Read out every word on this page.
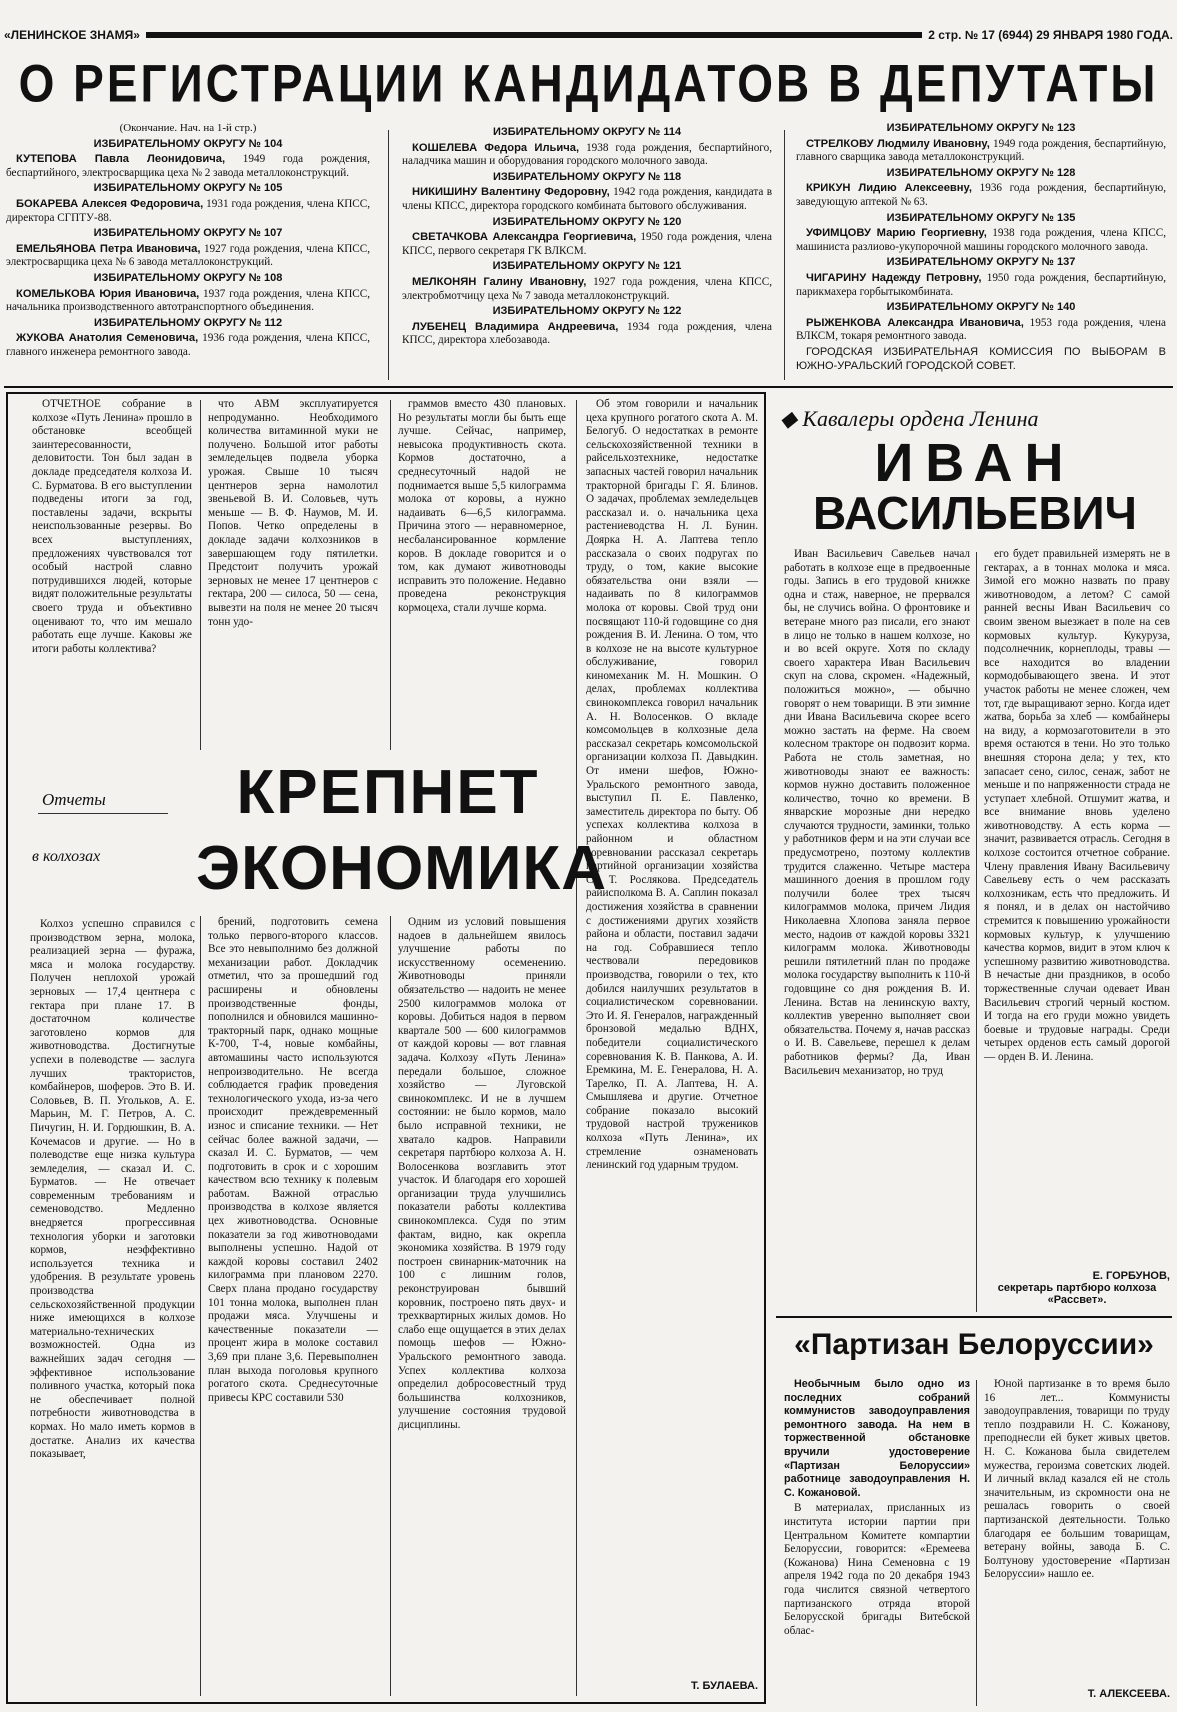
«ЛЕНИНСКОЕ ЗНАМЯ»	2 стр. № 17 (6944) 29 ЯНВАРЯ 1980 ГОДА.
О РЕГИСТРАЦИИ КАНДИДАТОВ В ДЕПУТАТЫ

(Окончание. Нач. на 1-й стр.)

ИЗБИРАТЕЛЬНОМУ ОКРУГУ № 104

КУТЕПОВА Павла Леонидовича, 1949 года рождения, беспартийного, электросварщика цеха № 2 завода металлоконструкций.

ИЗБИРАТЕЛЬНОМУ ОКРУГУ № 105

БОКАРЕВА Алексея Федоровича, 1931 года рождения, члена КПСС, директора СГПТУ-88.

ИЗБИРАТЕЛЬНОМУ ОКРУГУ № 107

ЕМЕЛЬЯНОВА Петра Ивановича, 1927 года рождения, члена КПСС, электросварщика цеха № 6 завода металлоконструкций.

ИЗБИРАТЕЛЬНОМУ ОКРУГУ № 108

КОМЕЛЬКОВА Юрия Ивановича, 1937 года рождения, члена КПСС, начальника производственного автотранспортного объединения.

ИЗБИРАТЕЛЬНОМУ ОКРУГУ № 112

ЖУКОВА Анатолия Семеновича, 1936 года рождения, члена КПСС, главного инженера ремонтного завода.

ИЗБИРАТЕЛЬНОМУ ОКРУГУ № 114

КОШЕЛЕВА Федора Ильича, 1938 года рождения, беспартийного, наладчика машин и оборудования городского молочного завода.

ИЗБИРАТЕЛЬНОМУ ОКРУГУ № 118

НИКИШИНУ Валентину Федоровну, 1942 года рождения, кандидата в члены КПСС, директора городского комбината бытового обслуживания.

ИЗБИРАТЕЛЬНОМУ ОКРУГУ № 120

СВЕТАЧКОВА Александра Георгиевича, 1950 года рождения, члена КПСС, первого секретаря ГК ВЛКСМ.

ИЗБИРАТЕЛЬНОМУ ОКРУГУ № 121

МЕЛКОНЯН Галину Ивановну, 1927 года рождения, члена КПСС, электробмотчицу цеха № 7 завода металлоконструкций.

ИЗБИРАТЕЛЬНОМУ ОКРУГУ № 122

ЛУБЕНЕЦ Владимира Андреевича, 1934 года рождения, члена КПСС, директора хлебозавода.

ИЗБИРАТЕЛЬНОМУ ОКРУГУ № 123

СТРЕЛКОВУ Людмилу Ивановну, 1949 года рождения, беспартийную, главного сварщика завода металлоконструкций.

ИЗБИРАТЕЛЬНОМУ ОКРУГУ № 128

КРИКУН Лидию Алексеевну, 1936 года рождения, беспартийную, заведующую аптекой № 63.

ИЗБИРАТЕЛЬНОМУ ОКРУГУ № 135

УФИМЦОВУ Марию Георгиевну, 1938 года рождения, члена КПСС, машиниста разлиово-укупорочной машины городского молочного завода.

ИЗБИРАТЕЛЬНОМУ ОКРУГУ № 137

ЧИГАРИНУ Надежду Петровну, 1950 года рождения, беспартийную, парикмахера горбытыкомбината.

ИЗБИРАТЕЛЬНОМУ ОКРУГУ № 140

РЫЖЕНКОВА Александра Ивановича, 1953 года рождения, члена ВЛКСМ, токаря ремонтного завода.

ГОРОДСКАЯ ИЗБИРАТЕЛЬНАЯ КОМИССИЯ ПО ВЫБОРАМ В ЮЖНО-УРАЛЬСКИЙ ГОРОДСКОЙ СОВЕТ.

ОТЧЕТНОЕ собрание в колхозе «Путь Ленина» прошло в обстановке всеобщей заинтересованности, деловитости. Тон был задан в докладе председателя колхоза И. С. Бурматова. В его выступлении подведены итоги за год, поставлены задачи, вскрыты неиспользованные резервы. Во всех выступлениях, предложениях чувствовался тот особый настрой славно потрудившихся людей, которые видят положительные результаты своего труда и объективно оценивают то, что им мешало работать еще лучше. Каковы же итоги работы коллектива?

что АВМ эксплуатируется непродуманно. Необходимого количества витаминной муки не получено. Большой итог работы земледельцев подвела уборка урожая. Свыше 10 тысяч центнеров зерна намолотил звеньевой В. И. Соловьев, чуть меньше — В. Ф. Наумов, М. И. Попов. Четко определены в докладе задачи колхозников в завершающем году пятилетки. Предстоит получить урожай зерновых не менее 17 центнеров с гектара, 200 — силоса, 50 — сена, вывезти на поля не менее 20 тысяч тонн удо-

граммов вместо 430 плановых. Но результаты могли бы быть еще лучше. Сейчас, например, невысока продуктивность скота. Кормов достаточно, а среднесуточный надой не поднимается выше 5,5 килограмма молока от коровы, а нужно надаивать 6—6,5 килограмма. Причина этого — неравномерное, несбалансированное кормление коров. В докладе говорится и о том, как думают животноводы исправить это положение. Недавно проведена реконструкция кормоцеха, стали лучше корма.

Отчеты
в колхозах
КРЕПНЕТ
ЭКОНОМИКА

Колхоз успешно справился с производством зерна, молока, реализацией зерна — фуража, мяса и молока государству. Получен неплохой урожай зерновых — 17,4 центнера с гектара при плане 17. В достаточном количестве заготовлено кормов для животноводства. Достигнутые успехи в полеводстве — заслуга лучших трактористов, комбайнеров, шоферов. Это В. И. Соловьев, В. П. Угольков, А. Е. Марьин, М. Г. Петров, А. С. Пичугин, Н. И. Гордюшкин, В. А. Кочемасов и другие. — Но в полеводстве еще низка культура земледелия, — сказал И. С. Бурматов. — Не отвечает современным требованиям и семеноводство. Медленно внедряется прогрессивная технология уборки и заготовки кормов, неэффективно используется техника и удобрения. В результате уровень производства сельскохозяйственной продукции ниже имеющихся в колхозе материально-технических возможностей. Одна из важнейших задач сегодня — эффективное использование поливного участка, который пока не обеспечивает полной потребности животноводства в кормах. Но мало иметь кормов в достатке. Анализ их качества показывает,

брений, подготовить семена только первого-второго классов. Все это невыполнимо без должной механизации работ. Докладчик отметил, что за прошедший год расширены и обновлены производственные фонды, пополнился и обновился машинно-тракторный парк, однако мощные К-700, Т-4, новые комбайны, автомашины часто используются непроизводительно. Не всегда соблюдается график проведения технологического ухода, из-за чего происходит преждевременный износ и списание техники. — Нет сейчас более важной задачи, — сказал И. С. Бурматов, — чем подготовить в срок и с хорошим качеством всю технику к полевым работам. Важной отраслью производства в колхозе является цех животноводства. Основные показатели за год животноводами выполнены успешно. Надой от каждой коровы составил 2402 килограмма при плановом 2270. Сверх плана продано государству 101 тонна молока, выполнен план продажи мяса. Улучшены и качественные показатели — процент жира в молоке составил 3,69 при плане 3,6. Перевыполнен план выхода поголовья крупного рогатого скота. Среднесуточные привесы КРС составили 530

Одним из условий повышения надоев в дальнейшем явилось улучшение работы по искусственному осеменению. Животноводы приняли обязательство — надоить не менее 2500 килограммов молока от коровы. Добиться надоя в первом квартале 500 — 600 килограммов от каждой коровы — вот главная задача. Колхозу «Путь Ленина» передали большое, сложное хозяйство — Луговской свинокомплекс. И не в лучшем состоянии: не было кормов, мало было исправной техники, не хватало кадров. Направили секретаря партбюро колхоза А. Н. Волосенкова возглавить этот участок. И благодаря его хорошей организации труда улучшились показатели работы коллектива свинокомплекса. Судя по этим фактам, видно, как окрепла экономика хозяйства. В 1979 году построен свинарник-маточник на 100 с лишним голов, реконструирован бывший коровник, построено пять двух- и трехквартирных жилых домов. Но слабо еще ощущается в этих делах помощь шефов — Южно-Уральского ремонтного завода. Успех коллектива колхоза определил добросовестный труд большинства колхозников, улучшение состояния трудовой дисциплины.

Об этом говорили и начальник цеха крупного рогатого скота А. М. Белогуб. О недостатках в ремонте сельскохозяйственной техники в райсельхозтехнике, недостатке запасных частей говорил начальник тракторной бригады Г. Я. Блинов. О задачах, проблемах земледельцев рассказал и. о. начальника цеха растениеводства Н. Л. Бунин. Доярка Н. А. Лаптева тепло рассказала о своих подругах по труду, о том, какие высокие обязательства они взяли — надаивать по 8 килограммов молока от коровы. Свой труд они посвящают 110-й годовщине со дня рождения В. И. Ленина. О том, что в колхозе не на высоте культурное обслуживание, говорил киномеханик М. Н. Мошкин. О делах, проблемах коллектива свинокомплекса говорил начальник А. Н. Волосенков. О вкладе комсомольцев в колхозные дела рассказал секретарь комсомольской организации колхоза П. Давыдкин. От имени шефов, Южно-Уральского ремонтного завода, выступил П. Е. Павленко, заместитель директора по быту. Об успехах коллектива колхоза в районном и областном соревновании рассказал секретарь партийной организации хозяйства С. Т. Рослякова. Председатель райисполкома В. А. Саплин показал достижения хозяйства в сравнении с достижениями других хозяйств района и области, поставил задачи на год. Собравшиеся тепло чествовали передовиков производства, говорили о тех, кто добился наилучших результатов в социалистическом соревновании. Это И. Я. Генералов, награжденный бронзовой медалью ВДНХ, победители социалистического соревнования К. В. Панкова, А. И. Еремкина, М. Е. Генералова, Н. А. Тарелко, П. А. Лаптева, Н. А. Смышляева и другие. Отчетное собрание показало высокий трудовой настрой тружеников колхоза «Путь Ленина», их стремление ознаменовать ленинский год ударным трудом.

Т. БУЛАЕВА.
◆ Кавалеры ордена Ленина
ИВАН
ВАСИЛЬЕВИЧ

Иван Васильевич Савельев начал работать в колхозе еще в предвоенные годы. Запись в его трудовой книжке одна и стаж, наверное, не прервался бы, не случись война. О фронтовике и ветеране много раз писали, его знают в лицо не только в нашем колхозе, но и во всей округе. Хотя по складу своего характера Иван Васильевич скуп на слова, скромен. «Надежный, положиться можно», — обычно говорят о нем товарищи. В эти зимние дни Ивана Васильевича скорее всего можно застать на ферме. На своем колесном тракторе он подвозит корма. Работа не столь заметная, но животноводы знают ее важность: кормов нужно доставить положенное количество, точно ко времени. В январские морозные дни нередко случаются трудности, заминки, только у работников ферм и на эти случаи все предусмотрено, поэтому коллектив трудится слаженно. Четыре мастера машинного доения в прошлом году получили более трех тысяч килограммов молока, причем Лидия Николаевна Хлопова заняла первое место, надоив от каждой коровы 3321 килограмм молока. Животноводы решили пятилетний план по продаже молока государству выполнить к 110-й годовщине со дня рождения В. И. Ленина. Встав на ленинскую вахту, коллектив уверенно выполняет свои обязательства. Почему я, начав рассказ о И. В. Савельеве, перешел к делам работников фермы? Да, Иван Васильевич механизатор, но труд

его будет правильней измерять не в гектарах, а в тоннах молока и мяса. Зимой его можно назвать по праву животноводом, а летом? С самой ранней весны Иван Васильевич со своим звеном выезжает в поле на сев кормовых культур. Кукуруза, подсолнечник, корнеплоды, травы — все находится во владении кормодобывающего звена. И этот участок работы не менее сложен, чем тот, где выращивают зерно. Когда идет жатва, борьба за хлеб — комбайнеры на виду, а кормозаготовители в это время остаются в тени. Но это только внешняя сторона дела; у тех, кто запасает сено, силос, сенаж, забот не меньше и по напряженности страда не уступает хлебной. Отшумит жатва, и все внимание вновь уделено животноводству. А есть корма — значит, развивается отрасль. Сегодня в колхозе состоится отчетное собрание. Члену правления Ивану Васильевичу Савельеву есть о чем рассказать колхозникам, есть что предложить. И я понял, и в делах он настойчиво стремится к повышению урожайности кормовых культур, к улучшению качества кормов, видит в этом ключ к успешному развитию животноводства. В нечастые дни праздников, в особо торжественные случаи одевает Иван Васильевич строгий черный костюм. И тогда на его груди можно увидеть боевые и трудовые награды. Среди четырех орденов есть самый дорогой — орден В. И. Ленина.

Е. ГОРБУНОВ,
секретарь партбюро колхоза «Рассвет».
«Партизан Белоруссии»

Необычным было одно из последних собраний коммунистов заводоуправления ремонтного завода. На нем в торжественной обстановке вручили удостоверение «Партизан Белоруссии» работнице заводоуправления Н. С. Кожановой.

В материалах, присланных из института истории партии при Центральном Комитете компартии Белоруссии, говорится: «Еремеева (Кожанова) Нина Семеновна с 19 апреля 1942 года по 20 декабря 1943 года числится связной четвертого партизанского отряда второй Белорусской бригады Витебской облас-

Юной партизанке в то время было 16 лет... Коммунисты заводоуправления, товарищи по труду тепло поздравили Н. С. Кожанову, преподнесли ей букет живых цветов. Н. С. Кожанова была свидетелем мужества, героизма советских людей. И личный вклад казался ей не столь значительным, из скромности она не решалась говорить о своей партизанской деятельности. Только благодаря ее большим товарищам, ветерану войны, завода Б. С. Болтунову удостоверение «Партизан Белоруссии» нашло ее.

Т. АЛЕКСЕЕВА.
